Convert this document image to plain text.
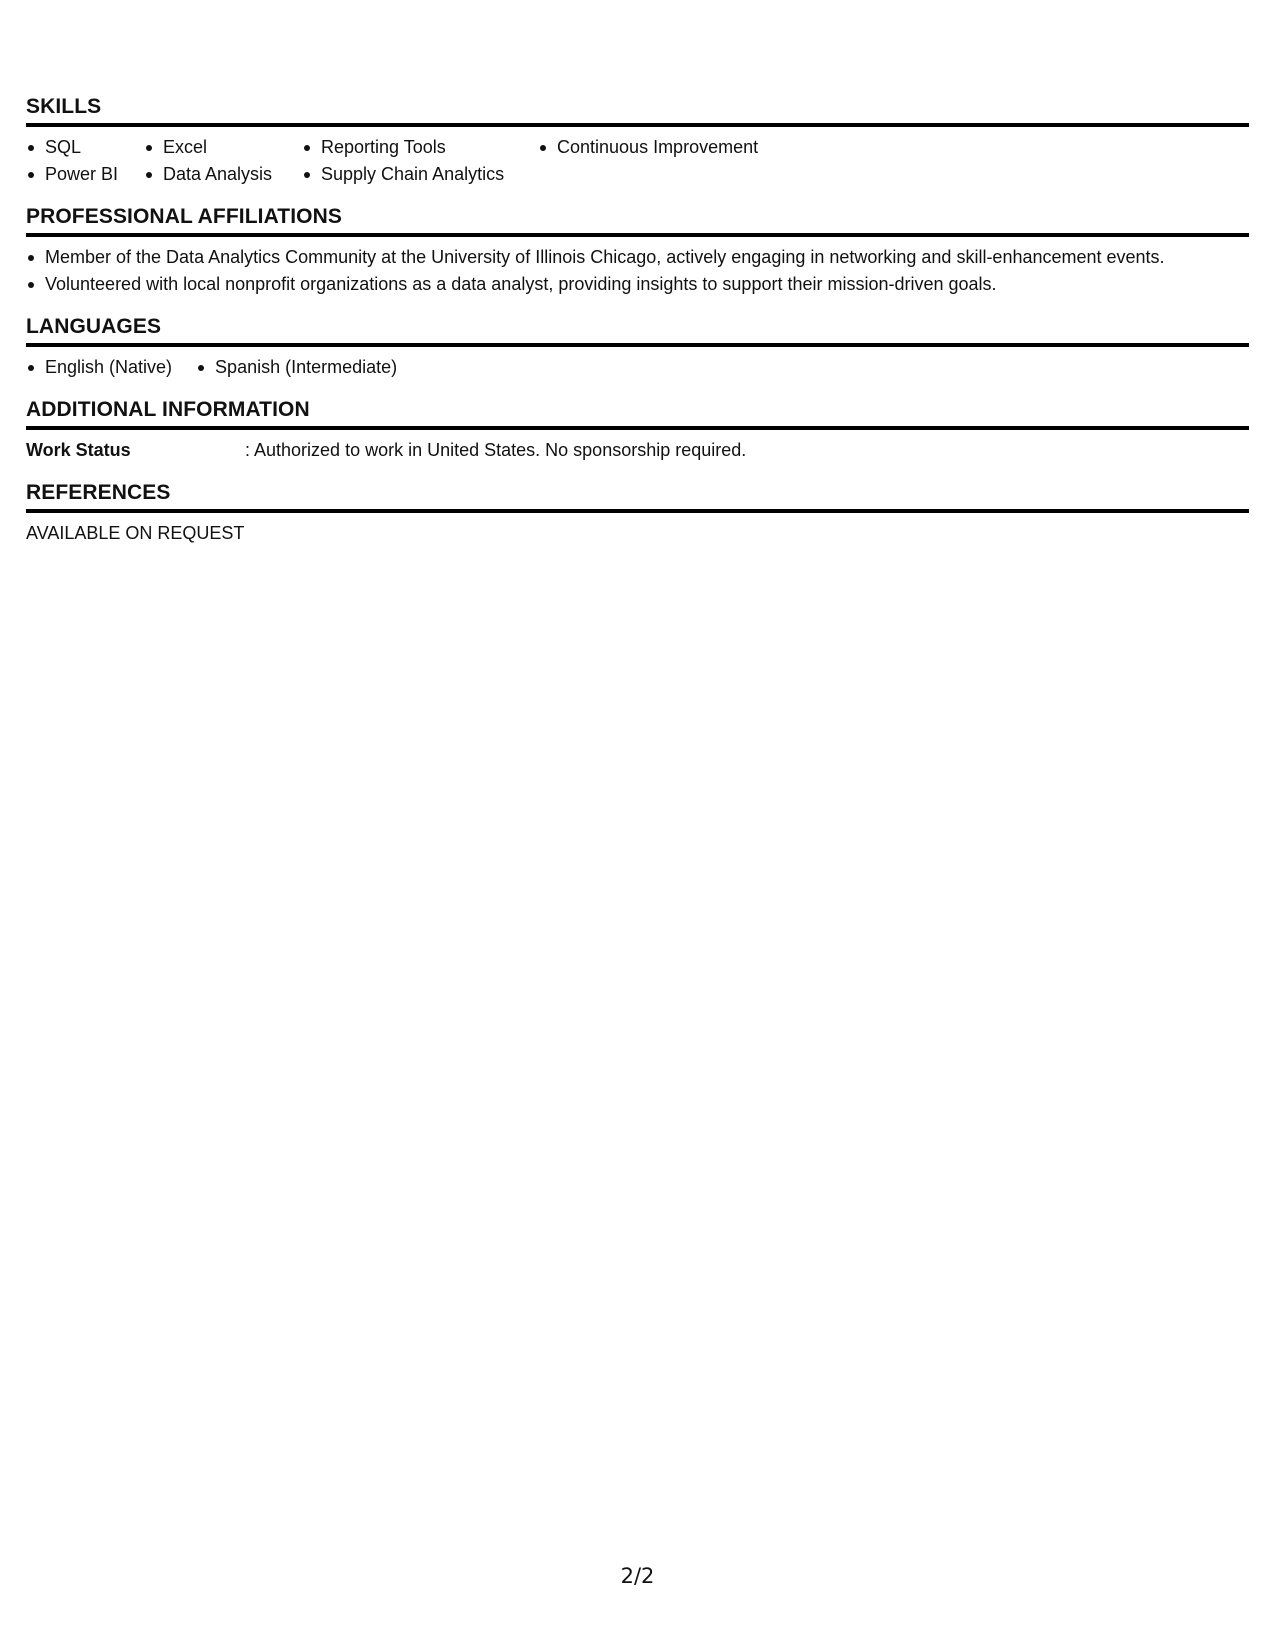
SKILLS
SQL
Power BI
Excel
Data Analysis
Reporting Tools
Supply Chain Analytics
Continuous Improvement
PROFESSIONAL AFFILIATIONS
Member of the Data Analytics Community at the University of Illinois Chicago, actively engaging in networking and skill-enhancement events.
Volunteered with local nonprofit organizations as a data analyst, providing insights to support their mission-driven goals.
LANGUAGES
English (Native)	Spanish (Intermediate)
ADDITIONAL INFORMATION
Work Status	: Authorized to work in United States. No sponsorship required.
REFERENCES
AVAILABLE ON REQUEST
2/2
